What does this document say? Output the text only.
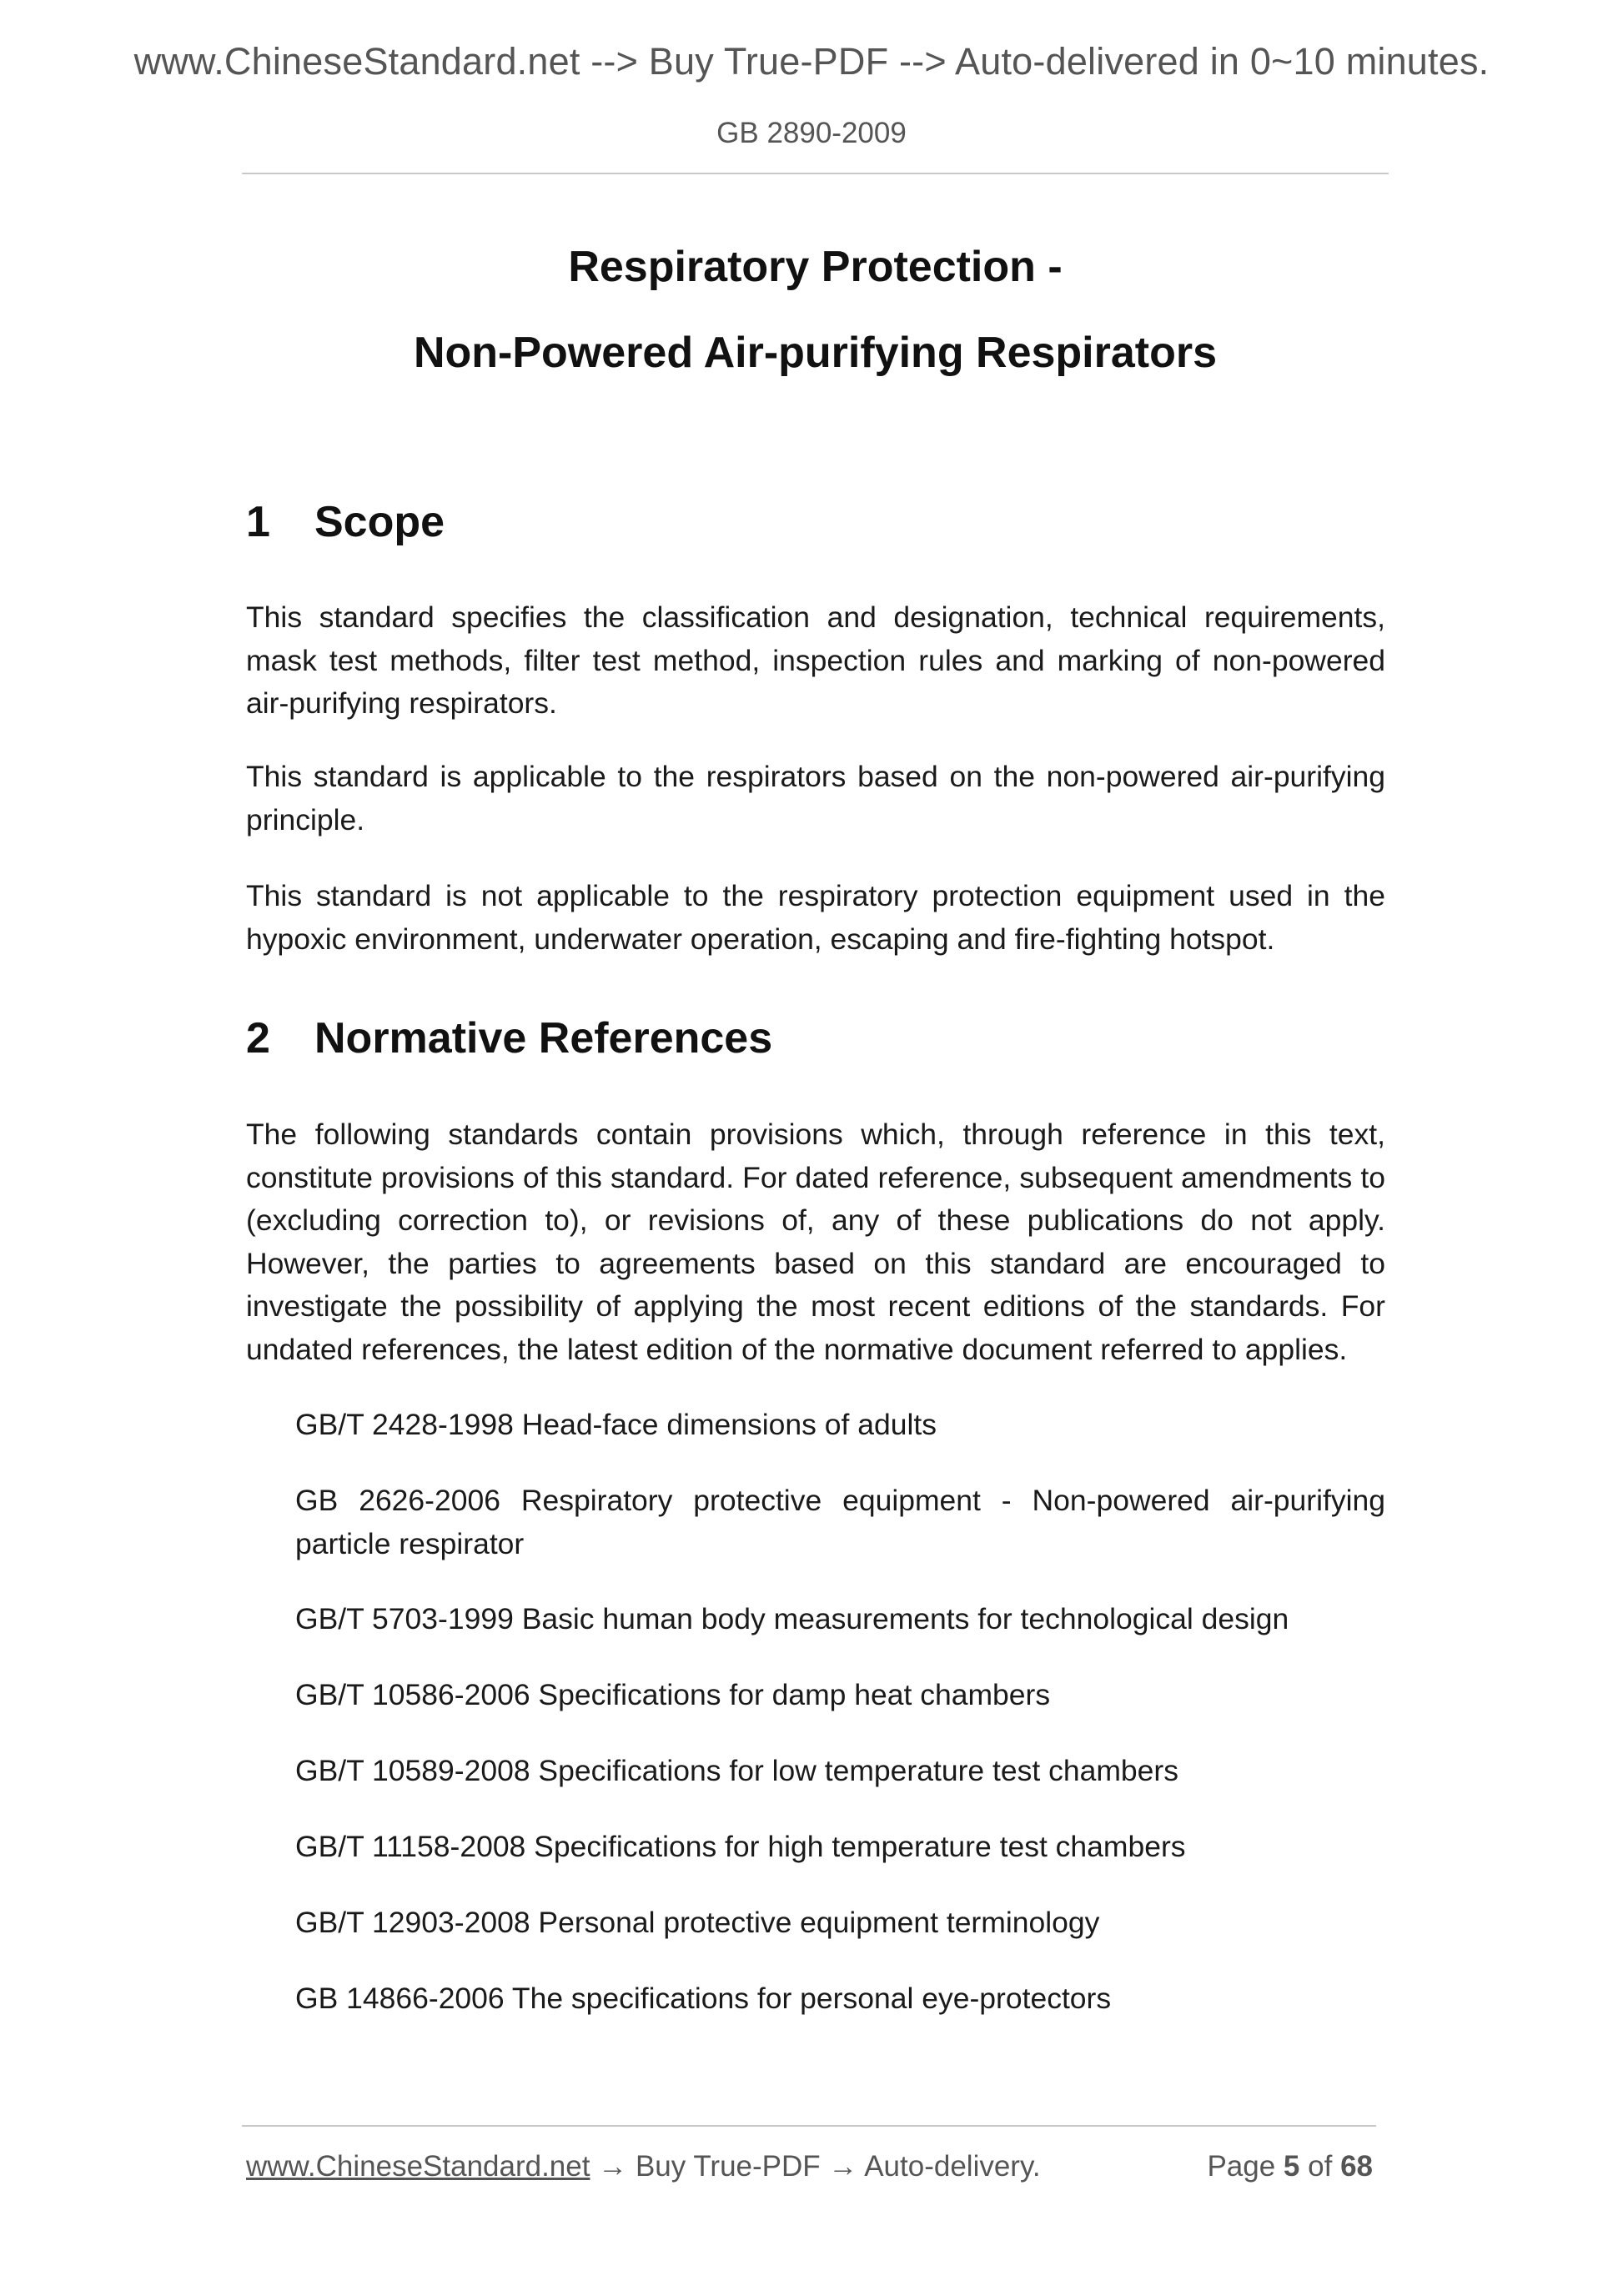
www.ChineseStandard.net --> Buy True-PDF --> Auto-delivered in 0~10 minutes.
GB 2890-2009
Respiratory Protection -
Non-Powered Air-purifying Respirators
1 Scope
This standard specifies the classification and designation, technical requirements, mask test methods, filter test method, inspection rules and marking of non-powered air-purifying respirators.
This standard is applicable to the respirators based on the non-powered air-purifying principle.
This standard is not applicable to the respiratory protection equipment used in the hypoxic environment, underwater operation, escaping and fire-fighting hotspot.
2 Normative References
The following standards contain provisions which, through reference in this text, constitute provisions of this standard. For dated reference, subsequent amendments to (excluding correction to), or revisions of, any of these publications do not apply. However, the parties to agreements based on this standard are encouraged to investigate the possibility of applying the most recent editions of the standards. For undated references, the latest edition of the normative document referred to applies.
GB/T 2428-1998 Head-face dimensions of adults
GB 2626-2006 Respiratory protective equipment - Non-powered air-purifying particle respirator
GB/T 5703-1999 Basic human body measurements for technological design
GB/T 10586-2006 Specifications for damp heat chambers
GB/T 10589-2008 Specifications for low temperature test chambers
GB/T 11158-2008 Specifications for high temperature test chambers
GB/T 12903-2008 Personal protective equipment terminology
GB 14866-2006 The specifications for personal eye-protectors
www.ChineseStandard.net → Buy True-PDF → Auto-delivery.	Page 5 of 68
